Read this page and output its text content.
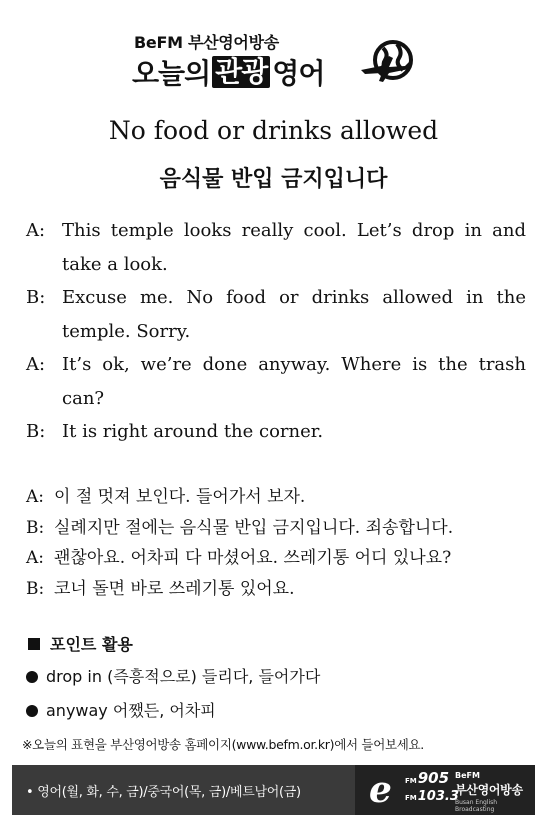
BeFM 부산영어방송
오늘의 관광 영어
No food or drinks allowed
음식물 반입 금지입니다
A: This temple looks really cool. Let’s drop in and take a look.
B: Excuse me. No food or drinks allowed in the temple. Sorry.
A: It’s ok, we’re done anyway. Where is the trash can?
B: It is right around the corner.
A: 이 절 멋져 보인다. 들어가서 보자.
B: 실례지만 절에는 음식물 반입 금지입니다. 죄송합니다.
A: 괜찮아요. 어차피 다 마셨어요. 쓰레기통 어디 있나요?
B: 코너 돌면 바로 쓰레기통 있어요.
포인트 활용
drop in (즉흥적으로) 들리다, 들어가다
anyway 어쨌든, 어차피
※오늘의 표현을 부산영어방송 홈페이지(www.befm.or.kr)에서 들어보세요.
• 영어(월, 화, 수, 금)/중국어(목, 금)/베트남어(금) e FM905
FM103.3
BeFM
부산영어방송
Busan English Broadcasting
